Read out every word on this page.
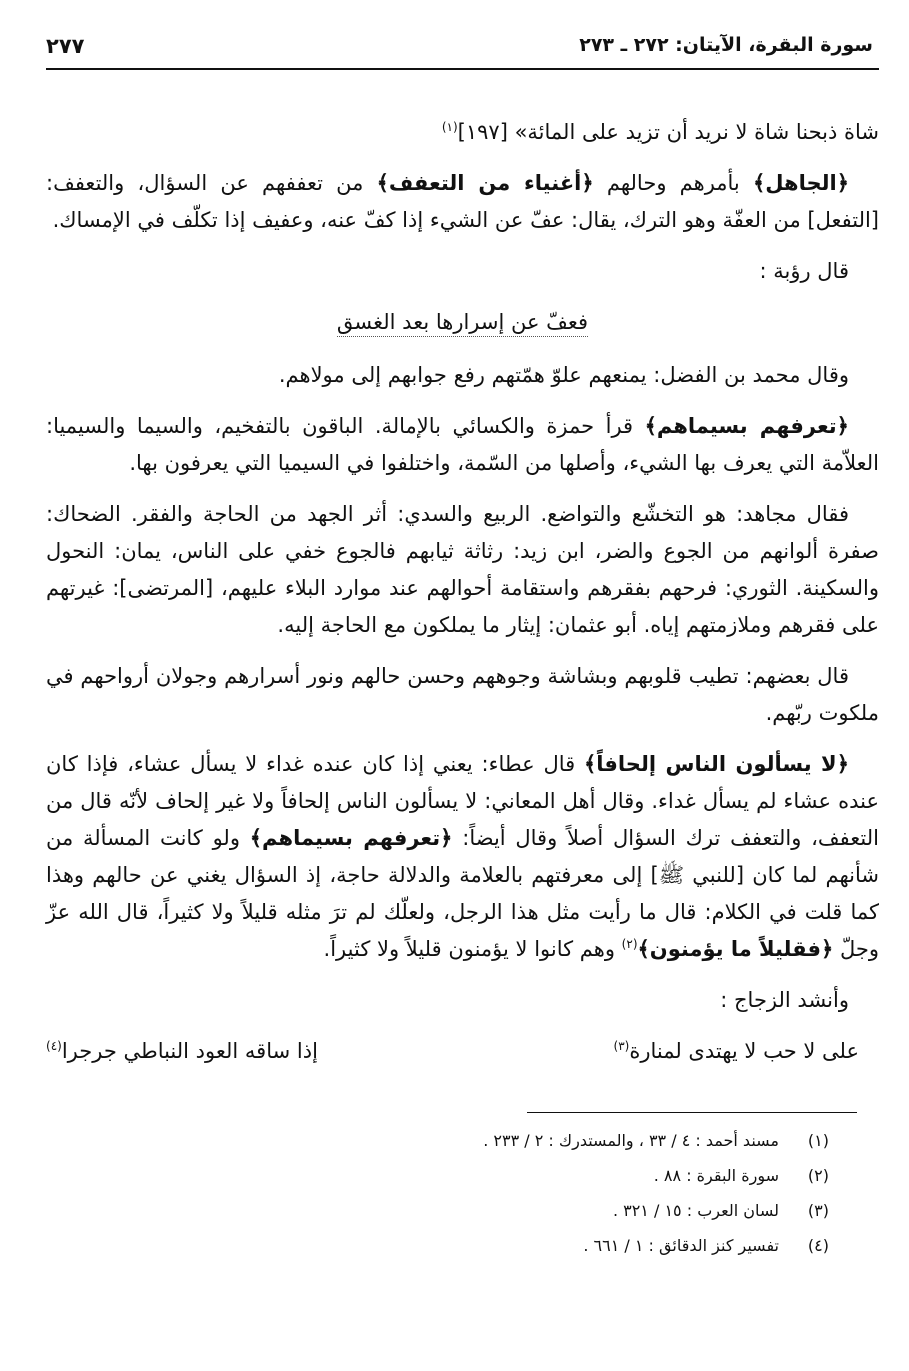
سورة البقرة، الآيتان: ٢٧٢ ـ ٢٧٣
٢٧٧

شاة ذبحنا شاة لا نريد أن تزيد على المائة» [١٩٧]$^{(١)}$

﴿الجاهل﴾ بأمرهم وحالهم ﴿أغنياء من التعفف﴾ من تعففهم عن السؤال، والتعفف: [التفعل] من العفّة وهو الترك، يقال: عفّ عن الشيء إذا كفّ عنه، وعفيف إذا تكلّف في الإمساك.

قال رؤبة :

فعفّ عن إسرارها بعد الغسق

وقال محمد بن الفضل: يمنعهم علوّ همّتهم رفع جوابهم إلى مولاهم.

﴿تعرفهم بسيماهم﴾ قرأ حمزة والكسائي بالإمالة. الباقون بالتفخيم، والسيما والسيميا: العلاّمة التي يعرف بها الشيء، وأصلها من السّمة، واختلفوا في السيميا التي يعرفون بها.

فقال مجاهد: هو التخشّع والتواضع. الربيع والسدي: أثر الجهد من الحاجة والفقر. الضحاك: صفرة ألوانهم من الجوع والضر، ابن زيد: رثاثة ثيابهم فالجوع خفي على الناس، يمان: النحول والسكينة. الثوري: فرحهم بفقرهم واستقامة أحوالهم عند موارد البلاء عليهم، [المرتضى]: غيرتهم على فقرهم وملازمتهم إياه. أبو عثمان: إيثار ما يملكون مع الحاجة إليه.

قال بعضهم: تطيب قلوبهم وبشاشة وجوههم وحسن حالهم ونور أسرارهم وجولان أرواحهم في ملكوت ربّهم.

﴿لا يسألون الناس إلحافاً﴾ قال عطاء: يعني إذا كان عنده غداء لا يسأل عشاء، فإذا كان عنده عشاء لم يسأل غداء. وقال أهل المعاني: لا يسألون الناس إلحافاً ولا غير إلحاف لأنّه قال من التعفف، والتعفف ترك السؤال أصلاً وقال أيضاً: ﴿تعرفهم بسيماهم﴾ ولو كانت المسألة من شأنهم لما كان [للنبي ﷺ] إلى معرفتهم بالعلامة والدلالة حاجة، إذ السؤال يغني عن حالهم وهذا كما قلت في الكلام: قال ما رأيت مثل هذا الرجل، ولعلّك لم ترَ مثله قليلاً ولا كثيراً، قال الله عزّ وجلّ ﴿فقليلاً ما يؤمنون﴾$^{(٢)}$ وهم كانوا لا يؤمنون قليلاً ولا كثيراً.

وأنشد الزجاج :

على لا حب لا يهتدى لمنارة$^{(٣)}$
إذا ساقه العود النباطي جرجرا$^{(٤)}$
(١)
مسند أحمد : ٤ / ٣٣ ، والمستدرك : ٢ / ٢٣٣ .
(٢)
سورة البقرة : ٨٨ .
(٣)
لسان العرب : ١٥ / ٣٢١ .
(٤)
تفسير كنز الدقائق : ١ / ٦٦١ .
